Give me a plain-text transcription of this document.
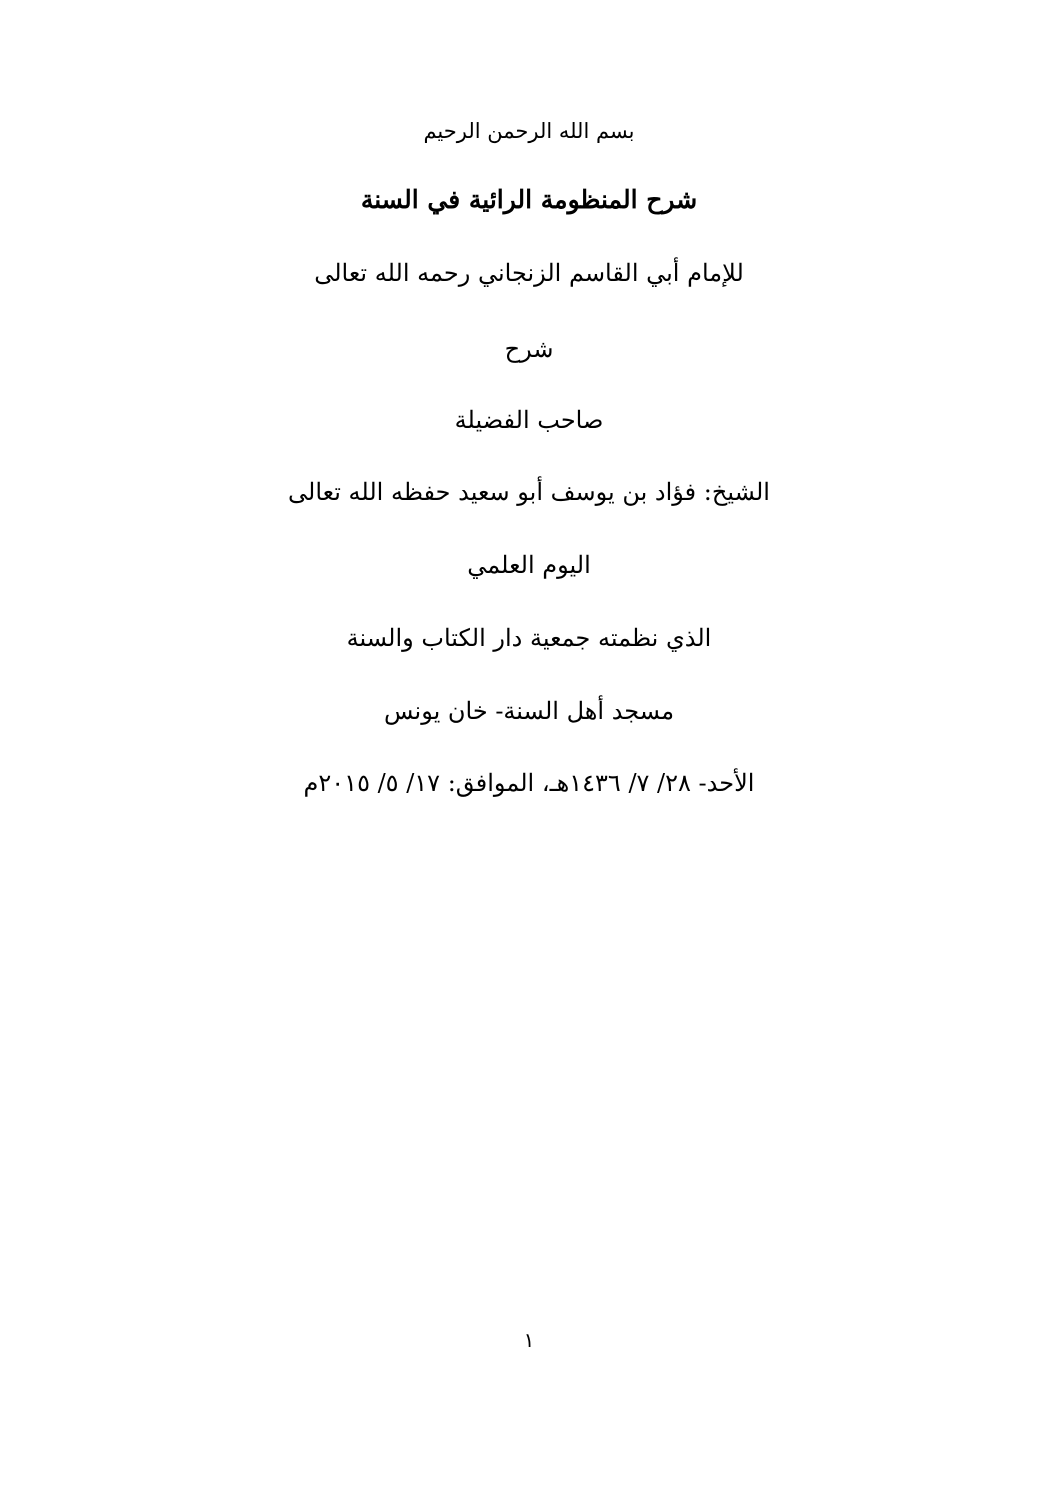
بسم الله الرحمن الرحيم
شرح المنظومة الرائية في السنة
للإمام أبي القاسم الزنجاني رحمه الله تعالى
شرح
صاحب الفضيلة
الشيخ: فؤاد بن يوسف أبو سعيد حفظه الله تعالى
اليوم العلمي
الذي نظمته جمعية دار الكتاب والسنة
مسجد أهل السنة- خان يونس
الأحد- ٢٨/ ٧/ ١٤٣٦هـ، الموافق: ١٧/ ٥/ ٢٠١٥م
١
